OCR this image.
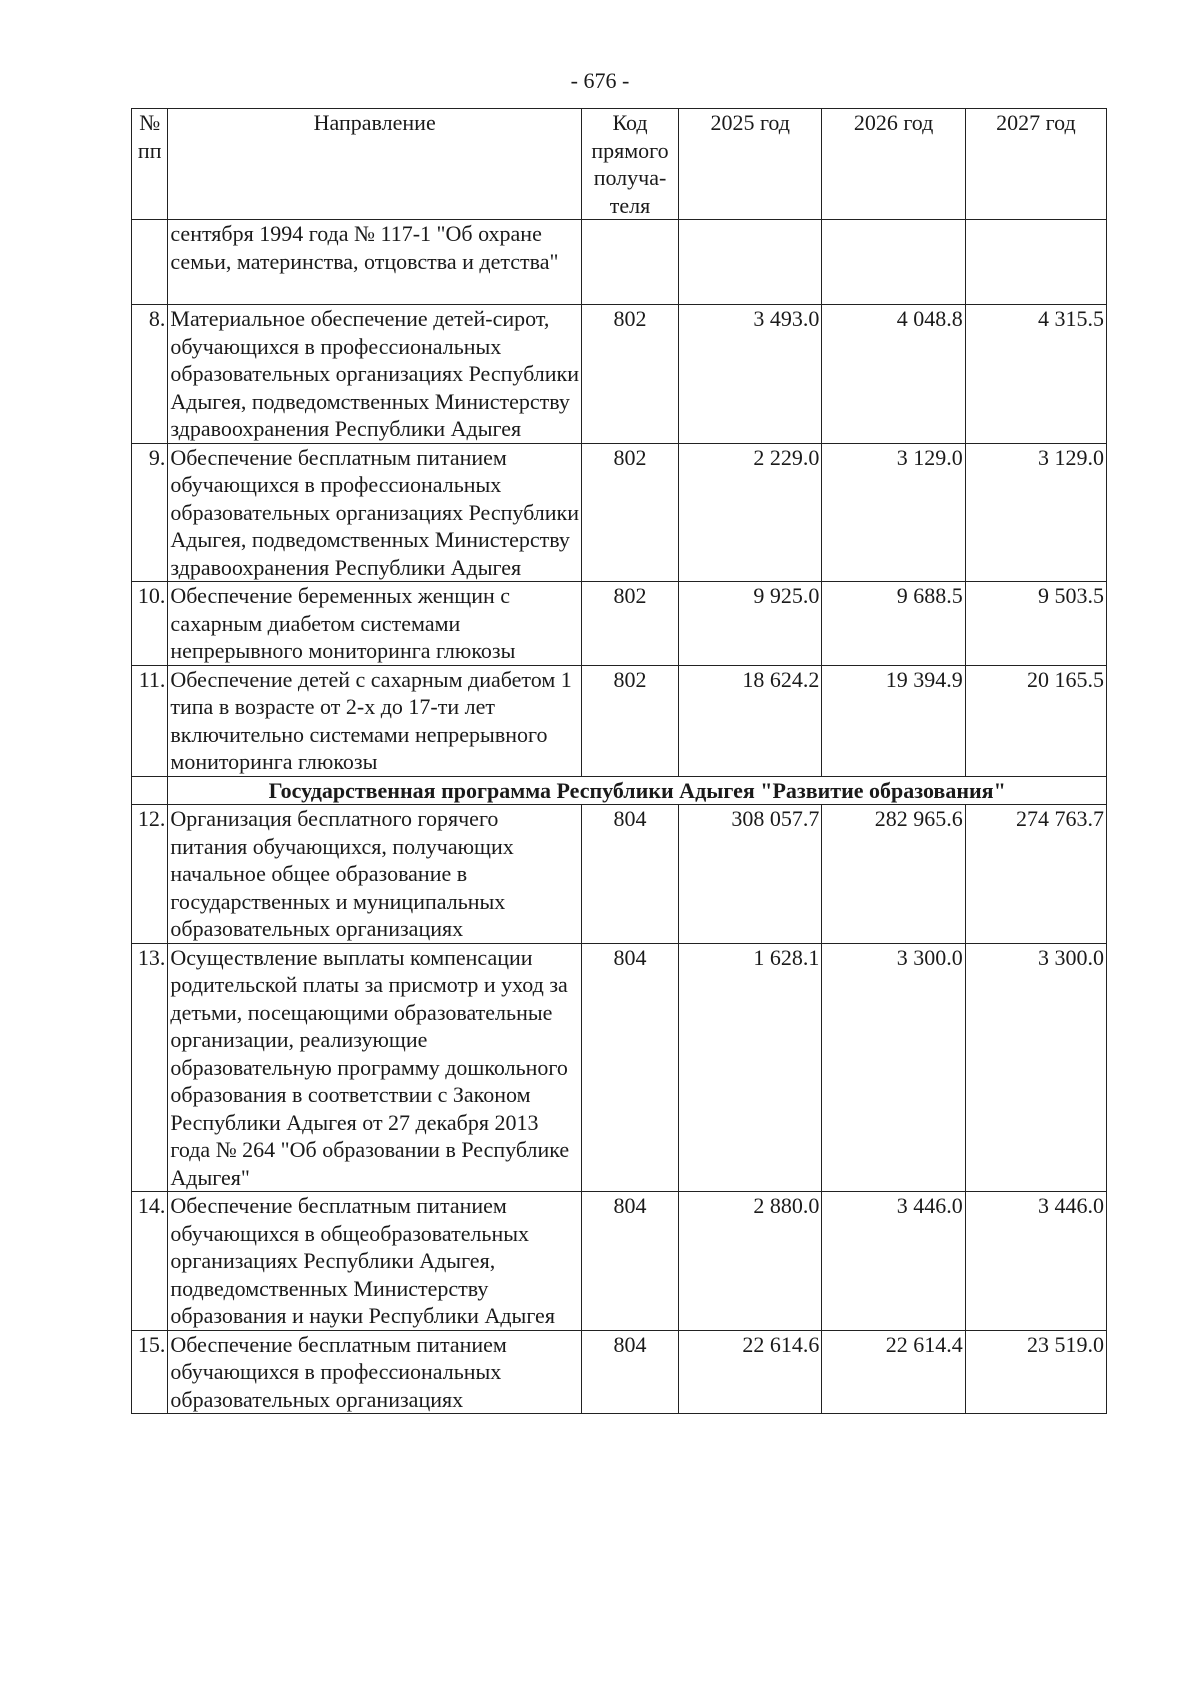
- 676 -
№ пп	Направление	Код прямого получа-теля	2025 год	2026 год	2027 год
	сентября 1994 года № 117-1 "Об охране семьи, материнства, отцовства и детства"				
8.	Материальное обеспечение детей-сирот, обучающихся в профессиональных образовательных организациях Республики Адыгея, подведомственных Министерству здравоохранения Республики Адыгея	802	3 493.0	4 048.8	4 315.5
9.	Обеспечение бесплатным питанием обучающихся в профессиональных образовательных организациях Республики Адыгея, подведомственных Министерству здравоохранения Республики Адыгея	802	2 229.0	3 129.0	3 129.0
10.	Обеспечение беременных женщин с сахарным диабетом системами непрерывного мониторинга глюкозы	802	9 925.0	9 688.5	9 503.5
11.	Обеспечение детей с сахарным диабетом 1 типа в возрасте от 2-х до 17-ти лет включительно системами непрерывного мониторинга глюкозы	802	18 624.2	19 394.9	20 165.5
	Государственная программа Республики Адыгея "Развитие образования"				
12.	Организация бесплатного горячего питания обучающихся, получающих начальное общее образование в государственных и муниципальных образовательных организациях	804	308 057.7	282 965.6	274 763.7
13.	Осуществление выплаты компенсации родительской платы за присмотр и уход за детьми, посещающими образовательные организации, реализующие образовательную программу дошкольного образования в соответствии с Законом Республики Адыгея от 27 декабря 2013 года № 264 "Об образовании в Республике Адыгея"	804	1 628.1	3 300.0	3 300.0
14.	Обеспечение бесплатным питанием обучающихся в общеобразовательных организациях Республики Адыгея, подведомственных Министерству образования и науки Республики Адыгея	804	2 880.0	3 446.0	3 446.0
15.	Обеспечение бесплатным питанием обучающихся в профессиональных образовательных организациях	804	22 614.6	22 614.4	23 519.0
